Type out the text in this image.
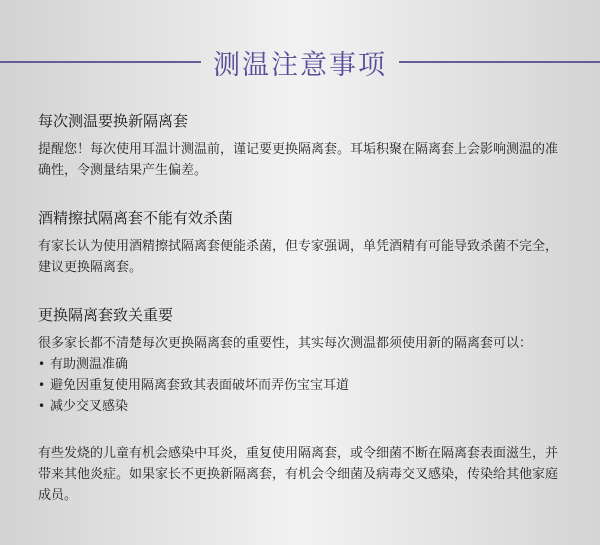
测温注意事项
每次测温要换新隔离套

提醒您！每次使用耳温计测温前，谨记要更换隔离套。耳垢积聚在隔离套上会影响测温的准确性，令测量结果产生偏差。

酒精擦拭隔离套不能有效杀菌

有家长认为使用酒精擦拭隔离套便能杀菌，但专家强调，单凭酒精有可能导致杀菌不完全，建议更换隔离套。

更换隔离套致关重要

很多家长都不清楚每次更换隔离套的重要性，其实每次测温都须使用新的隔离套可以：

• 有助测温准确
• 避免因重复使用隔离套致其表面破坏而弄伤宝宝耳道
• 减少交叉感染

有些发烧的儿童有机会感染中耳炎，重复使用隔离套，或令细菌不断在隔离套表面滋生，并带来其他炎症。如果家长不更换新隔离套，有机会令细菌及病毒交叉感染，传染给其他家庭成员。
